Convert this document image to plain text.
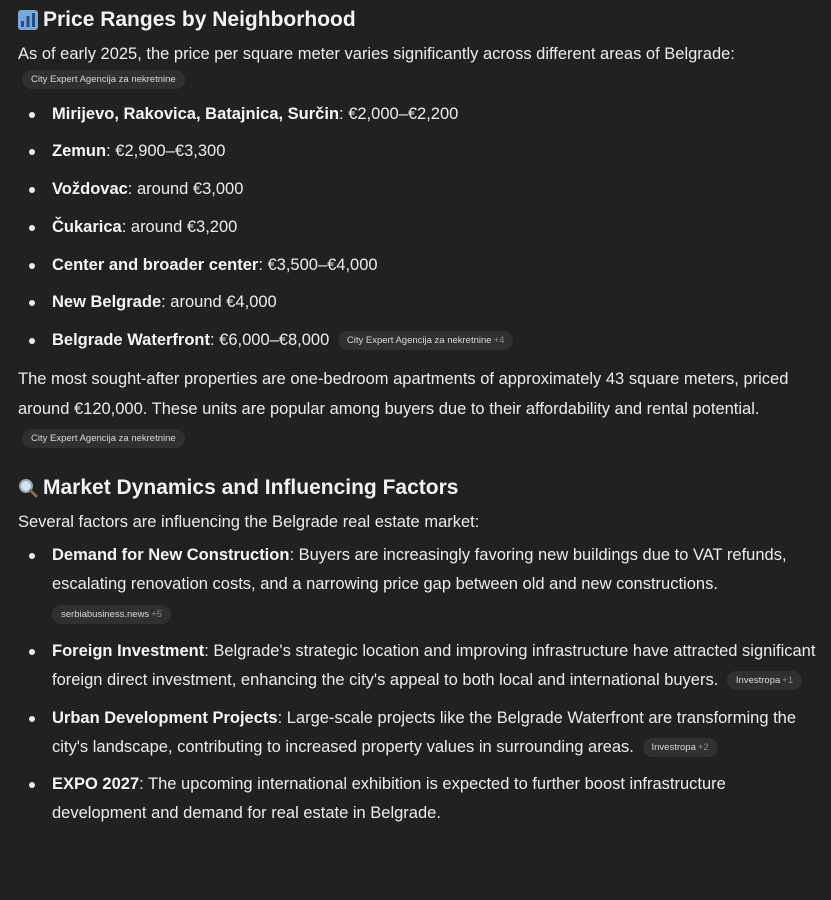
Price Ranges by Neighborhood

As of early 2025, the price per square meter varies significantly across different areas of Belgrade:

City Expert Agencija za nekretnine
Mirijevo, Rakovica, Batajnica, Surčin: €2,000–€2,200
Zemun: €2,900–€3,300
Voždovac: around €3,000
Čukarica: around €3,200
Center and broader center: €3,500–€4,000
New Belgrade: around €4,000
Belgrade Waterfront: €6,000–€8,000 City Expert Agencija za nekretnine +4

The most sought-after properties are one-bedroom apartments of approximately 43 square meters, priced around €120,000. These units are popular among buyers due to their affordability and rental potential. City Expert Agencija za nekretnine

Market Dynamics and Influencing Factors

Several factors are influencing the Belgrade real estate market:

Demand for New Construction: Buyers are increasingly favoring new buildings due to VAT refunds, escalating renovation costs, and a narrowing price gap between old and new constructions.
serbiabusiness.news +5
Foreign Investment: Belgrade's strategic location and improving infrastructure have attracted significant foreign direct investment, enhancing the city's appeal to both local and international buyers. Investropa +1
Urban Development Projects: Large-scale projects like the Belgrade Waterfront are transforming the city's landscape, contributing to increased property values in surrounding areas. Investropa +2
EXPO 2027: The upcoming international exhibition is expected to further boost infrastructure development and demand for real estate in Belgrade.
